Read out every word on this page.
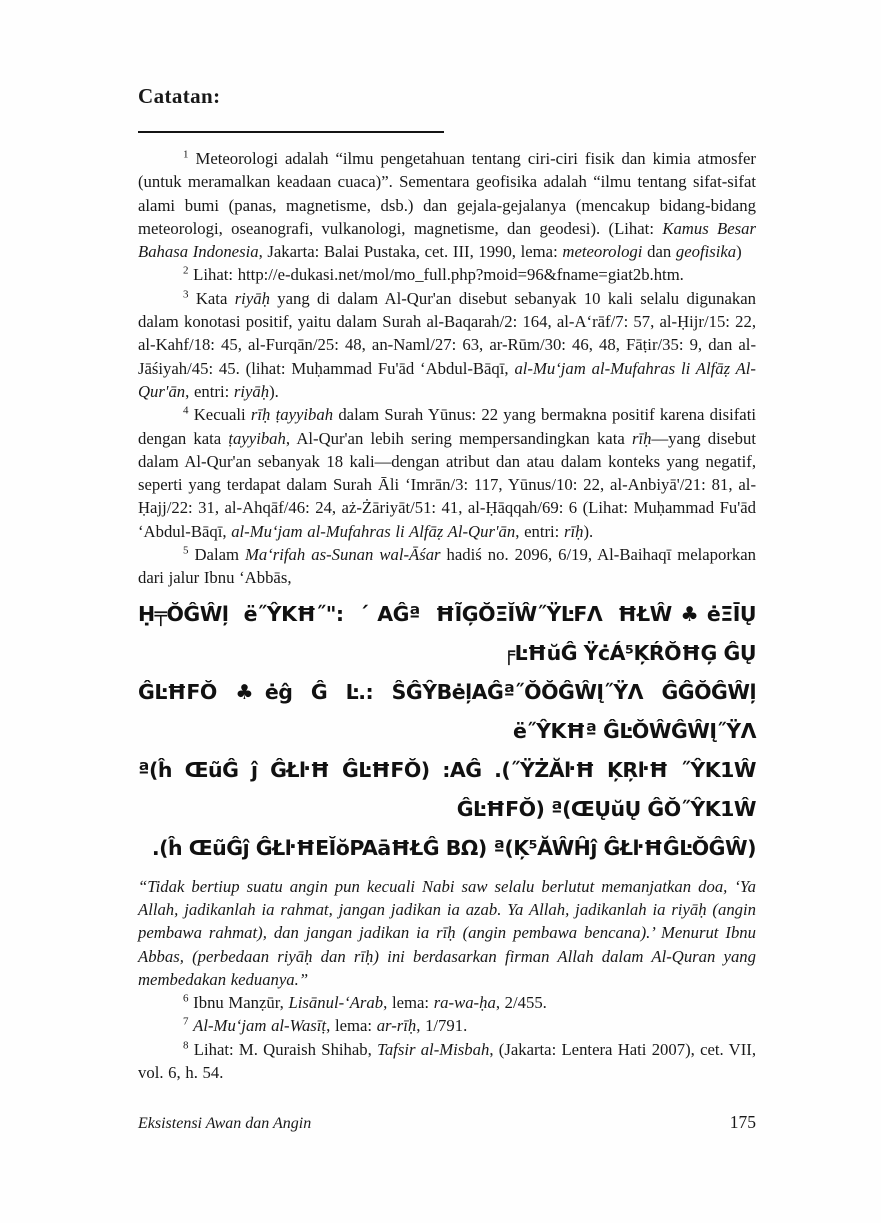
Catatan:

$^1$ Meteorologi adalah “ilmu pengetahuan tentang ciri-ciri fisik dan kimia atmosfer (untuk meramalkan keadaan cuaca)”. Sementara geofisika adalah “ilmu tentang sifat-sifat alami bumi (panas, magnetisme, dsb.) dan gejala-gejalanya (mencakup bidang-bidang meteorologi, oseanografi, vulkanologi, magnetisme, dan geodesi). (Lihat: Kamus Besar Bahasa Indonesia, Jakarta: Balai Pustaka, cet. III, 1990, lema: meteorologi dan geofisika)

$^2$ Lihat: http://e-dukasi.net/mol/mo_full.php?moid=96&fname=giat2b.htm.

$^3$ Kata riyāḥ yang di dalam Al-Qur'an disebut sebanyak 10 kali selalu digunakan dalam konotasi positif, yaitu dalam Surah al-Baqarah/2: 164, al-A‘rāf/7: 57, al-Ḥijr/15: 22, al-Kahf/18: 45, al-Furqān/25: 48, an-Naml/27: 63, ar-Rūm/30: 46, 48, Fāṭir/35: 9, dan al-Jāśiyah/45: 45. (lihat: Muḥammad Fu'ād ‘Abdul-Bāqī, al-Mu‘jam al-Mufahras li Alfāẓ Al-Qur'ān, entri: riyāḥ).

$^4$ Kecuali rīḥ ṭayyibah dalam Surah Yūnus: 22 yang bermakna positif karena disifati dengan kata ṭayyibah, Al-Qur'an lebih sering mempersandingkan kata rīḥ—yang disebut dalam Al-Qur'an sebanyak 18 kali—dengan atribut dan atau dalam konteks yang negatif, seperti yang terdapat dalam Surah Āli ‘Imrān/3: 117, Yūnus/10: 22, al-Anbiyā'/21: 81, al-Ḥajj/22: 31, al-Ahqāf/46: 24, aż-Żāriyāt/51: 41, al-Ḥāqqah/69: 6 (Lihat: Muḥammad Fu'ād ‘Abdul-Bāqī, al-Mu‘jam al-Mufahras li Alfāẓ Al-Qur'ān, entri: rīḥ).

$^5$ Dalam Ma‘rifah as-Sunan wal-Āśar hadiś no. 2096, 6/19, Al-Baihaqī melaporkan dari jalur Ibnu ‘Abbās,

Ḥ╤ŎĜŴļ ë˝ŶKĦ˝": ˊAĜª ĦĨĢŎΞĬŴ˝ŸĿFΛ ĦŁŴ♣ėΞĪŲ ╒ĿĦŭĜ ŸċÁ⁵ĶŔŎĦĢ ĜŲ
ĜĿĦFŎ ♣ėĝ Ĝ Ŀ.: ŜĜŶBėļAĜª˝ŎŎĜŴĮ˝ŸΛ ĜĜŎĜŴļ ë˝ŶKĦª ĜĿŎŴĜŴĮ˝ŸΛ
ª(ĥ ŒũĜ ĵ ĜŁŀĦ ĜĿĦFŎ) :AĜ .(˝ŸŻĂŀĦ ĶŖŀĦ ˝ŶK1Ŵ ĜĿĦFŎ) ª(ŒŲŭŲ ĜŎ˝ŶK1Ŵ
.(ĥ ŒũĜĵ ĜŁŀĦΕĬŏPAāĦŁĜ BΩ) ª(Ķ⁵ĂŴĤĵ ĜŁŀĦĜĿŎĜŴ)

“Tidak bertiup suatu angin pun kecuali Nabi saw selalu berlutut memanjatkan doa, ‘Ya Allah, jadikanlah ia rahmat, jangan jadikan ia azab. Ya Allah, jadikanlah ia riyāḥ (angin pembawa rahmat), dan jangan jadikan ia rīḥ (angin pembawa bencana).’ Menurut Ibnu Abbas, (perbedaan riyāḥ dan rīḥ) ini berdasarkan firman Allah dalam Al-Quran yang membedakan keduanya.”

$^6$ Ibnu Manẓūr, Lisānul-‘Arab, lema: ra-wa-ḥa, 2/455.

$^7$ Al-Mu‘jam al-Wasīṭ, lema: ar-rīḥ, 1/791.

$^8$ Lihat: M. Quraish Shihab, Tafsir al-Misbah, (Jakarta: Lentera Hati 2007), cet. VII, vol. 6, h. 54.

Eksistensi Awan dan Angin	175
